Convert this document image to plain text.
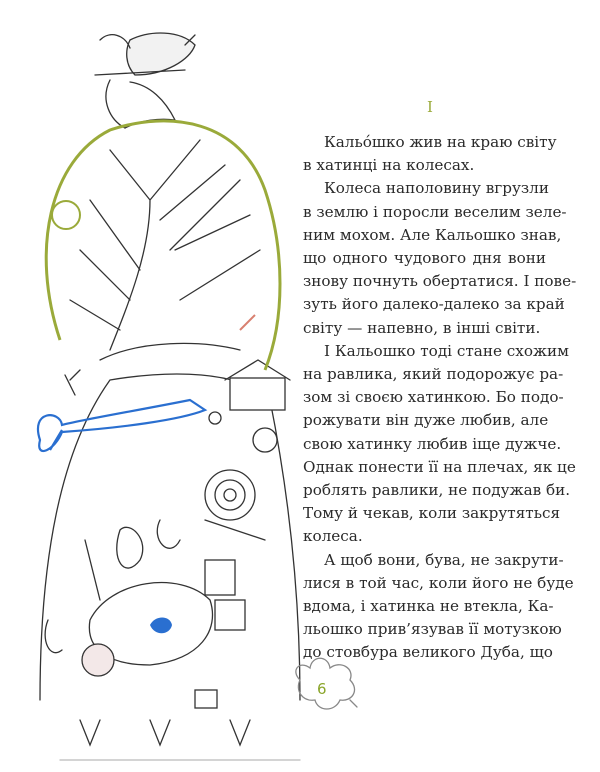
I
Кальóшко жив на краю світу
в хатинці на колесах.
Колеса наполовину вгрузли
в землю і поросли веселим зеле-
ним мохом. Але Кальошко знав,
що одного чудового дня вони
знову почнуть обертатися. І пове-
зуть його далеко-далеко за край
світу — напевно, в інші світи.
І Кальошко тоді стане схожим
на равлика, який подорожує ра-
зом зі своєю хатинкою. Бо подо-
рожувати він дуже любив, але
свою хатинку любив іще дужче.
Однак понести її на плечах, як це
роблять равлики, не подужав би.
Тому й чекав, коли закрутяться
колеса.
А щоб вони, бува, не закрути-
лися в той час, коли його не буде
вдома, і хатинка не втекла, Ка-
льошко прив’язував її мотузкою
до стовбура великого Дуба, що
6
